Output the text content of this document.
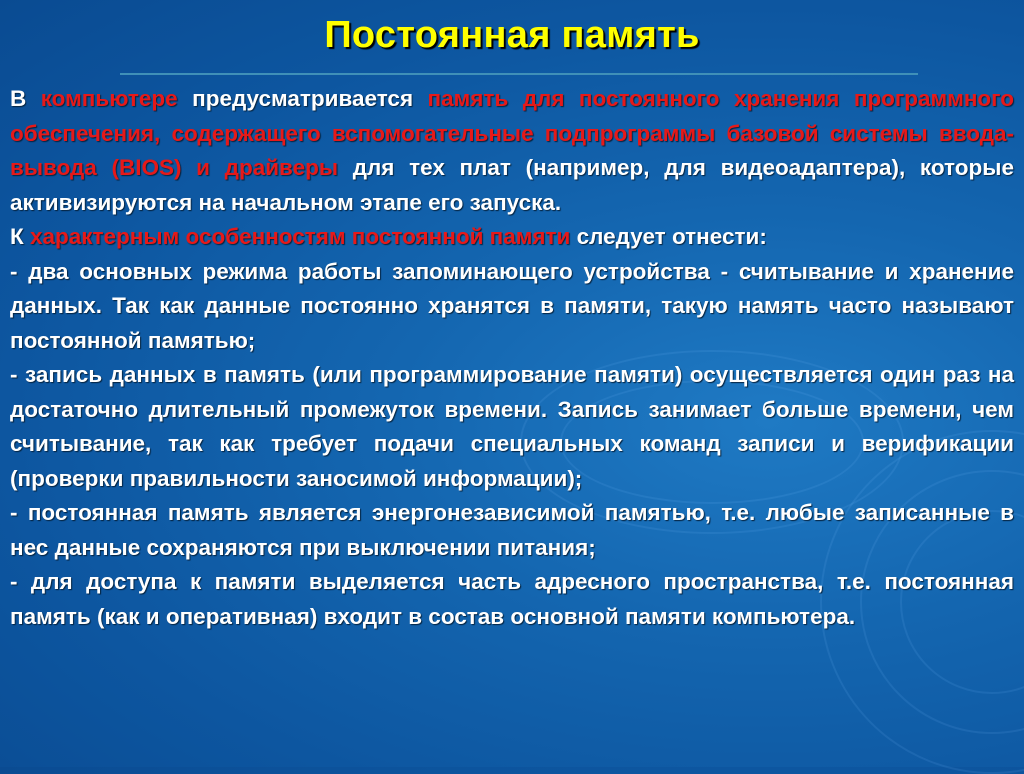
Постоянная память

В компьютере предусматривается память для постоянного хранения программного обеспечения, содержащего вспомогательные подпрограммы базовой системы ввода-вывода (BIOS) и драйверы для тех плат (например, для видеоадаптера), которые активизируются на начальном этапе его запуска.

К характерным особенностям постоянной памяти следует отнести:

- два основных режима работы запоминающего устройства - считывание и хранение данных. Так как данные постоянно хранятся в памяти, такую намять часто называют постоянной памятью;

- запись данных в память (или программирование памяти) осуществляется один раз на достаточно длительный промежуток времени. Запись занимает больше времени, чем считывание, так как требует подачи специальных команд записи и верификации (проверки правильности заносимой информации);

- постоянная память является энергонезависимой памятью, т.е. любые записанные в нес данные сохраняются при выключении питания;

- для доступа к памяти выделяется часть адресного пространства, т.е. постоянная память (как и оперативная) входит в состав основной памяти компьютера.
